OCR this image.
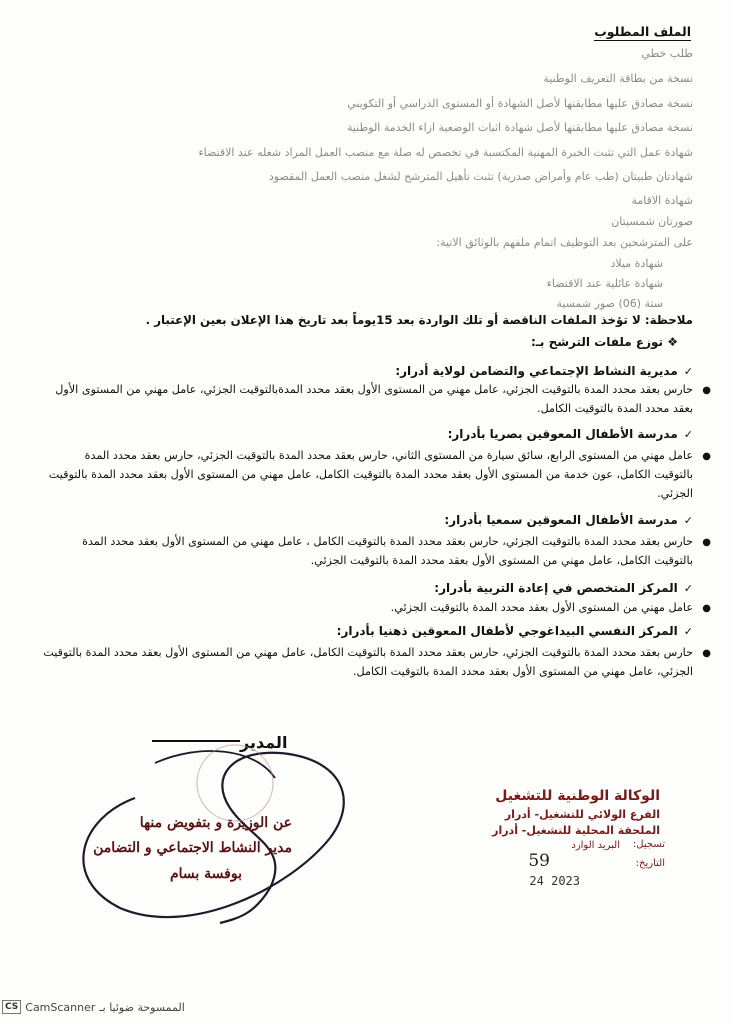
الملف المطلوب
طلب خطي
نسخة من بطاقة التعريف الوطنية
نسخة مصادق عليها مطابقتها لأصل الشهادة أو المستوى الدراسي أو التكويني
نسخة مصادق عليها مطابقتها لأصل شهادة اثبات الوضعية ازاء الخدمة الوطنية
شهادة عمل التي تثبت الخبرة المهنية المكتسبة في تخصص له صلة مع منصب العمل المراد شغله عند الاقتضاء
شهادتان طبيتان (طب عام وأمراض صدرية) تثبت تأهيل المترشح لشغل منصب العمل المقصود
شهادة الاقامة
صورتان شمسيتان
على المترشحين بعد التوظيف اتمام ملفهم بالوثائق الاتية:
شهادة ميلاد
شهادة عائلية عند الاقتضاء
ستة (06) صور شمسية
ملاحظة: لا تؤخذ الملفات الناقصة أو تلك الواردة بعد 15يوماً بعد تاريخ هذا الإعلان بعين الإعتبار .
❖ توزع ملفات الترشح بـ:
✓مديرية النشاط الإجتماعي والتضامن لولاية أدرار:
●
حارس بعقد محدد المدة بالتوقيت الجزئي، عامل مهني من المستوى الأول بعقد محدد المدةبالتوقيت الجزئي، عامل مهني من المستوى الأول بعقد محدد المدة بالتوقيت الكامل.
✓مدرسة الأطفال المعوقين بصريا بأدرار:
●
عامل مهني من المستوى الرابع، سائق سيارة من المستوى الثاني، حارس بعقد محدد المدة بالتوقيت الجزئي، حارس بعقد محدد المدة بالتوقيت الكامل، عون خدمة من المستوى الأول بعقد محدد المدة بالتوقيت الكامل، عامل مهني من المستوى الأول بعقد محدد المدة بالتوقيت الجزئي.
✓مدرسة الأطفال المعوقين سمعيا بأدرار:
●
حارس بعقد محدد المدة بالتوقيت الجزئي، حارس بعقد محدد المدة بالتوقيت الكامل ، عامل مهني من المستوى الأول بعقد محدد المدة بالتوقيت الكامل، عامل مهني من المستوى الأول بعقد محدد المدة بالتوقيت الجزئي.
✓المركز المتخصص في إعادة التربية بأدرار:
●
عامل مهني من المستوى الأول بعقد محدد المدة بالتوقيت الجزئي.
✓المركز النفسي البيداغوجي لأطفال المعوقين ذهنيا بأدرار:
●
حارس بعقد محدد المدة بالتوقيت الجزئي، حارس بعقد محدد المدة بالتوقيت الكامل، عامل مهني من المستوى الأول بعقد محدد المدة بالتوقيت الجزئي، عامل مهني من المستوى الأول بعقد محدد المدة بالتوقيت الكامل.
المدير
عن الوزيرة و بتفويض منها
مدير النشاط الاجتماعي و التضامن
بوفسة بسام
الوكالة الوطنية للتشغيل
الفرع الولائي للتشغيل- أدرار
الملحقة المحلية للتشغيل- أدرار
البريد الوارد تسجيل:
59	التاريخ:
2023 24
CS CamScanner الممسوحة ضوئيا بـ
